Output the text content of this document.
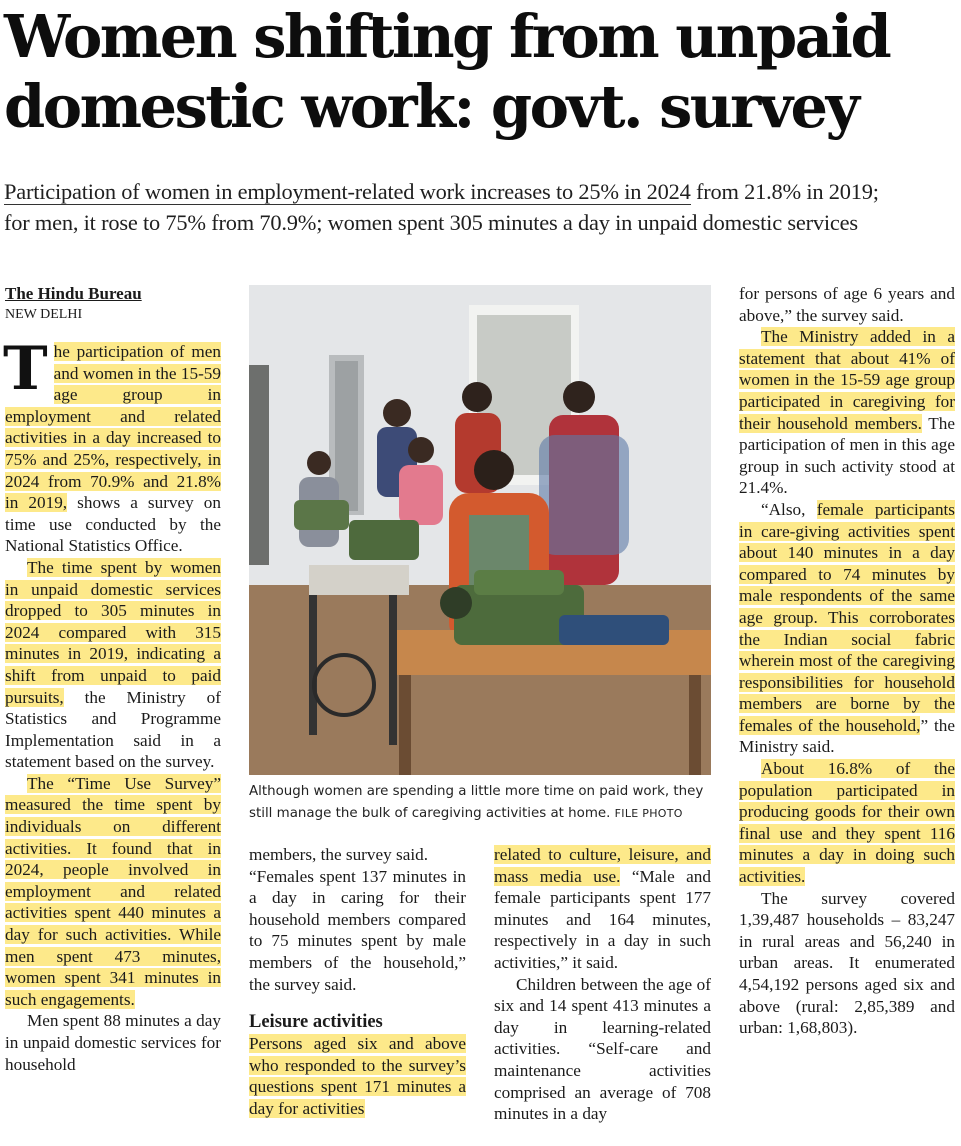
Women shifting from unpaid
domestic work: govt. survey
Participation of women in employment-related work increases to 25% in 2024 from 21.8% in 2019;
for men, it rose to 75% from 70.9%; women spent 305 minutes a day in unpaid domestic services
The Hindu Bureau
NEW DELHI

The participation of men and women in the 15-59 age group in employment and related activities in a day increased to 75% and 25%, respectively, in 2024 from 70.9% and 21.8% in 2019, shows a survey on time use conducted by the National Statistics Office.

The time spent by women in unpaid domestic services dropped to 305 minutes in 2024 compared with 315 minutes in 2019, indicating a shift from unpaid to paid pursuits, the Ministry of Statistics and Programme Implementation said in a statement based on the survey.

The “Time Use Survey” measured the time spent by individuals on different activities. It found that in 2024, people involved in employment and related activities spent 440 minutes a day for such activities. While men spent 473 minutes, women spent 341 minutes in such engagements.

Men spent 88 minutes a day in unpaid domestic services for household

Although women are spending a little more time on paid work, they still manage the bulk of caregiving activities at home. FILE PHOTO

members, the survey said.

“Females spent 137 minutes in a day in caring for their household members compared to 75 minutes spent by male members of the household,” the survey said.

Leisure activities

Persons aged six and above who responded to the survey’s questions spent 171 minutes a day for activities

related to culture, leisure, and mass media use. “Male and female participants spent 177 minutes and 164 minutes, respectively in a day in such activities,” it said.

Children between the age of six and 14 spent 413 minutes a day in learning-related activities. “Self-care and maintenance activities comprised an average of 708 minutes in a day

for persons of age 6 years and above,” the survey said.

The Ministry added in a statement that about 41% of women in the 15-59 age group participated in caregiving for their household members. The participation of men in this age group in such activity stood at 21.4%.

“Also, female participants in care-giving activities spent about 140 minutes in a day compared to 74 minutes by male respondents of the same age group. This corroborates the Indian social fabric wherein most of the caregiving responsibilities for household members are borne by the females of the household,” the Ministry said.

About 16.8% of the population participated in producing goods for their own final use and they spent 116 minutes a day in doing such activities.

The survey covered 1,39,487 households – 83,247 in rural areas and 56,240 in urban areas. It enumerated 4,54,192 persons aged six and above (rural: 2,85,389 and urban: 1,68,803).
